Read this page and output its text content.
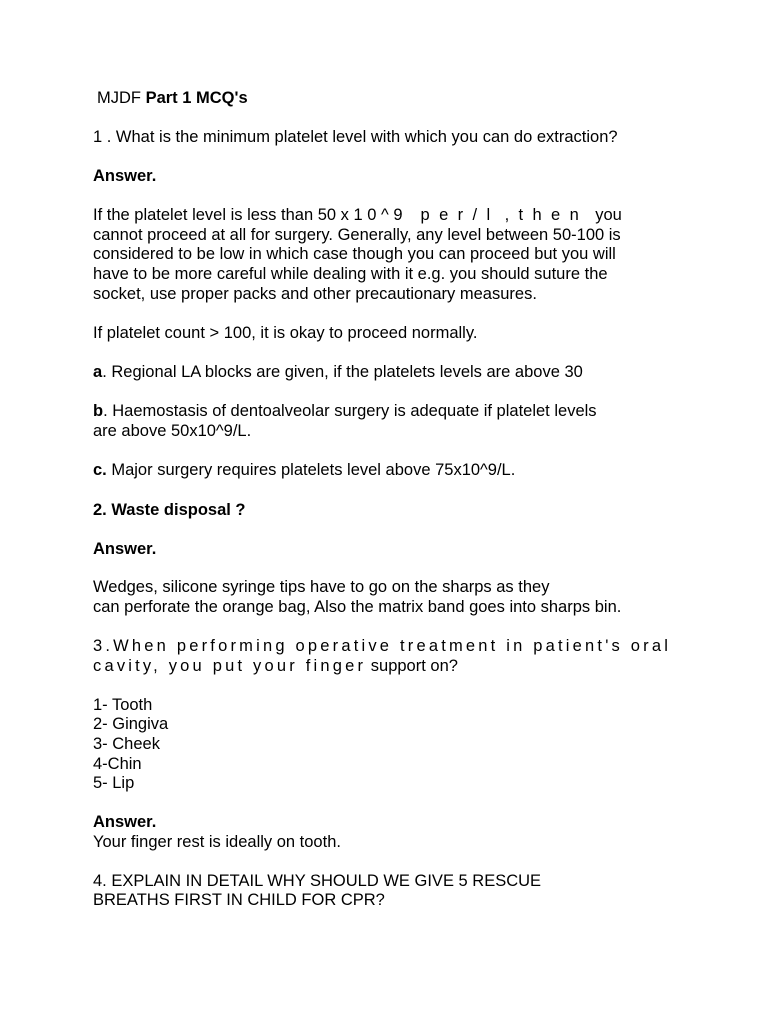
MJDF Part 1 MCQ's
1 . What is the minimum platelet level with which you can do extraction?
Answer.
If the platelet level is less than 50 x 1 0 ^ 9 p e r / l , t h e n you
cannot proceed at all for surgery. Generally, any level between 50-100 is
considered to be low in which case though you can proceed but you will
have to be more careful while dealing with it e.g. you should suture the
socket, use proper packs and other precautionary measures.
If platelet count > 100, it is okay to proceed normally.
a. Regional LA blocks are given, if the platelets levels are above 30
b. Haemostasis of dentoalveolar surgery is adequate if platelet levels
are above 50x10^9/L.
c. Major surgery requires platelets level above 75x10^9/L.
2. Waste disposal ?
Answer.
Wedges, silicone syringe tips have to go on the sharps as they
can perforate the orange bag, Also the matrix band goes into sharps bin.
3.When performing operative treatment in patient's oral
cavity, you put your finger support on?
1- Tooth
2- Gingiva
3- Cheek
4-Chin
5- Lip
Answer.
Your finger rest is ideally on tooth.
4. EXPLAIN IN DETAIL WHY SHOULD WE GIVE 5 RESCUE
BREATHS FIRST IN CHILD FOR CPR?
